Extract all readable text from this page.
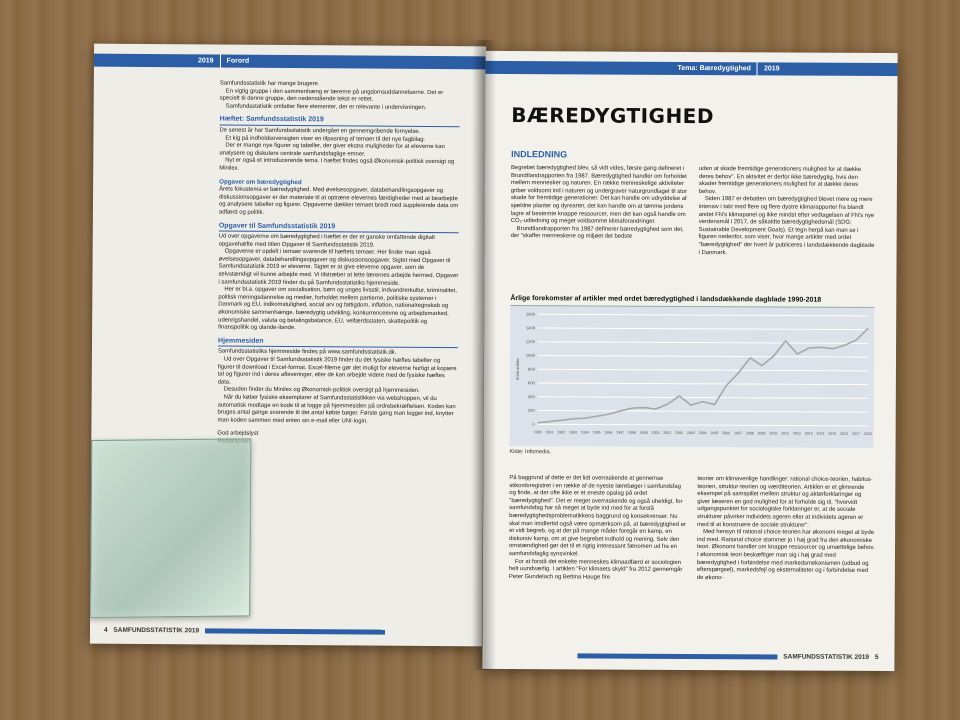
2019 Forord

Samfundsstatistik har mange brugere.

En vigtig gruppe i den sammenhæng er lærerne på ungdomsuddannelserne. Det er specielt til denne gruppe, den nedenstående tekst er rettet.

Samfundsstatistik omfatter flere elementer, der er relevante i undervisningen.

Hæftet: Samfundsstatistik 2019

De senest år har Samfundsstatistik undergået en gennemgribende fornyelse.

Et kig på indholdsoversigten viser en tilpasning af temaer til det nye fagbilag.

Der er mange nye figurer og tabeller, der giver ekstra muligheder for at eleverne kan analysere og diskutere centrale samfundsfaglige emner.

Nyt er også et introducerende tema. I hæftet findes også Økonomisk-politisk oversigt og Minilex.

Opgaver om bæredygtighed

Årets fokustema er bæredygtighed. Med øvelsesopgaver, databehandlingsopgaver og diskussionsopgaver er der materiale til at optræne elevernes færdigheder med at bearbejde og analysere tabeller og figurer. Opgaverne dækker temaet bredt med supplerende data om adfærd og politik.

Opgaver til Samfundsstatistik 2019

Ud over opgaverne om bæredygtighed i hæftet er der et ganske omfattende digitalt opgavehæfte med titlen Opgaver til Samfundsstatistik 2019.

Opgaverne er opdelt i temaer svarende til hæftets temaer. Her finder man også øvelsesopgaver, databehandlingsopgaver og diskussionsopgaver. Sigtet med Opgaver til Samfundsstatistik 2019 er eleverne. Sigtet er at give eleverne opgaver, som de selvstændigt vil kunne arbejde med. Vi tilstræber at lette lærernes arbejde hermed. Opgaver i samfundsstatistik 2019 finder du på Samfundsstatistiks hjemmeside.

Her er bl.a. opgaver om socialisation, børn og unges livsstil, indvandrerkultur, kriminalitet, politisk meningsdannelse og medier, forholdet mellem partierne, politiske systemer i Danmark og EU, indkomstulighed, social arv og fattigdom, inflation, nationalregnskab og økonomiske sammenhænge, bæredygtig udvikling, konkurrenceevne og arbejdsmarked, udenrigshandel, valuta og betalingsbalance, EU, velfærdsstaten, skattepolitik og finanspolitik og ulande-ilande.

Hjemmesiden

Samfundsstatistiks hjemmeside findes på www.samfundsstatistik.dk.

Ud over Opgaver til Samfundsstatistik 2019 finder du det fysiske hæftes tabeller og figurer til download i Excel-format. Excel-filerne gør det muligt for eleverne hurtigt at kopiere tal og figurer ind i deres afleveringer, eller de kan arbejde videre med de fysiske hæftes data.

Desuden finder du Minilex og Økonomisk-politisk oversigt på hjemmesiden.

Når du køber fysiske eksemplarer af Samfundsstatistikken via webshoppen, vil du automatisk modtage en kode til at logge på hjemmesiden på ordrebekræftelsen. Koden kan bruges antal gange svarende til det antal købte bøger. Første gang man logger ind, knytter man koden sammen med enten sin e-mail eller UNI-login.

God arbejdslyst
4 SAMFUNDSSTATISTIK 2019
Tema: Bæredygtighed 2019
BÆREDYGTIGHED
INDLEDNING

Begrebet bæredygtighed blev, så vidt vides, første gang defineret i Brundtlandrapporten fra 1987. Bæredygtighed handler om forholdet mellem mennesker og naturen. En række menneskelige aktiviteter griber voldsomt ind i naturen og undergraver naturgrundlaget til stor skade for fremtidige generationer. Det kan handle om udryddelse af sjældne planter og dyrearter, det kan handle om at tømme jordens lagre af bestemte knappe ressourcer, men det kan også handle om CO₂-udledning og meget voldsomme klimaforandringer.

Brundtlandrapporten fra 1987 definerer bæredygtighed som det, der "skaffer menneskene og miljøet det bedste

uden at skade fremtidige generationers mulighed for at dække deres behov". En aktivitet er derfor ikke bæredygtig, hvis den skader fremtidige generationers mulighed for at dække deres behov.

Siden 1987 er debatten om bæredygtighed blevet mere og mere intensiv i takt med flere og flere dystre klimarapporter fra blandt andet FN's klimapanel og ikke mindst efter vedtagelsen af FN's nye verdensmål i 2017, de såkaldte bæredygtighedsmål (SDG: Sustainable Development Goals). Et tegn herpå kan man se i figuren nedenfor, som viser, hvor mange artikler med ordet "bæredygtighed" der hvert år publiceres i landsdækkende dagblade i Danmark.

Årlige forekomster af artikler med ordet bæredygtighed i landsdækkende dagblade 1990-2018
0
200
400
600
800
1000
1200
1400
1600
1990 1991 1992 1993 1994 1995 1996 1997 1998 1999 2000 2001 2002 2003 2004 2005 2006 2007 2008 2009 2010 2011 2012 2013 2014 2015 2016 2017 2018
Antal artikler
Kilde: Infomedia.

På baggrund af dette er det lidt overraskende at gennemse stikordsregistret i en række af de nyeste lærebøger i samfundsfag og finde, at der ofte ikke er et eneste opslag på ordet "bæredygtighed". Det er meget overraskende og også uheldigt, for samfundsfag har så meget at byde ind med for at forstå bæredygtighedsproblematikkens baggrund og konsekvenser. Nu skal man imidlertid også være opmærksom på, at bæredygtighed er et vidt begreb, og at der på mange måder foregår en kamp, en diskursiv kamp, om at give begrebet indhold og mening. Selv den omstændighed gør det til et rigtig interessant fænomen ud fra en samfundsfaglig synsvinkel.

For at forstå det enkelte menneskes klimaadfærd er sociologien helt uundværlig. I artiklen "For klimaets skyld" fra 2012 gennemgår Peter Gundelach og Bettina Hauge fire

teorier om klimavenlige handlinger: rational choice-teorien, habitus-teorien, struktur-teorien og værditeorien. Artiklen er et glimrende eksempel på samspillet mellem struktur og aktørforklaringer og giver læseren en god mulighed for at forholde sig til, "hvorvidt udgangspunktet for sociologiske forklaringer er, at de sociale strukturer påvirker individets ageren eller at individets ageren er med til at konstruere de sociale strukturer".

Med hensyn til rational choice-teorien har økonomi meget at byde ind med. Rational choice stammer jo i høj grad fra den økonomiske teori. Økonomi handler om knappe ressourcer og umættelige behov. I økonomisk teori beskæftiger man sig i høj grad med bæredygtighed i forbindelse med markedsmekanismen (udbud og efterspørgsel), markedsfejl og eksternaliteter og i forbindelse med de økono-

SAMFUNDSSTATISTIK 2019 5
